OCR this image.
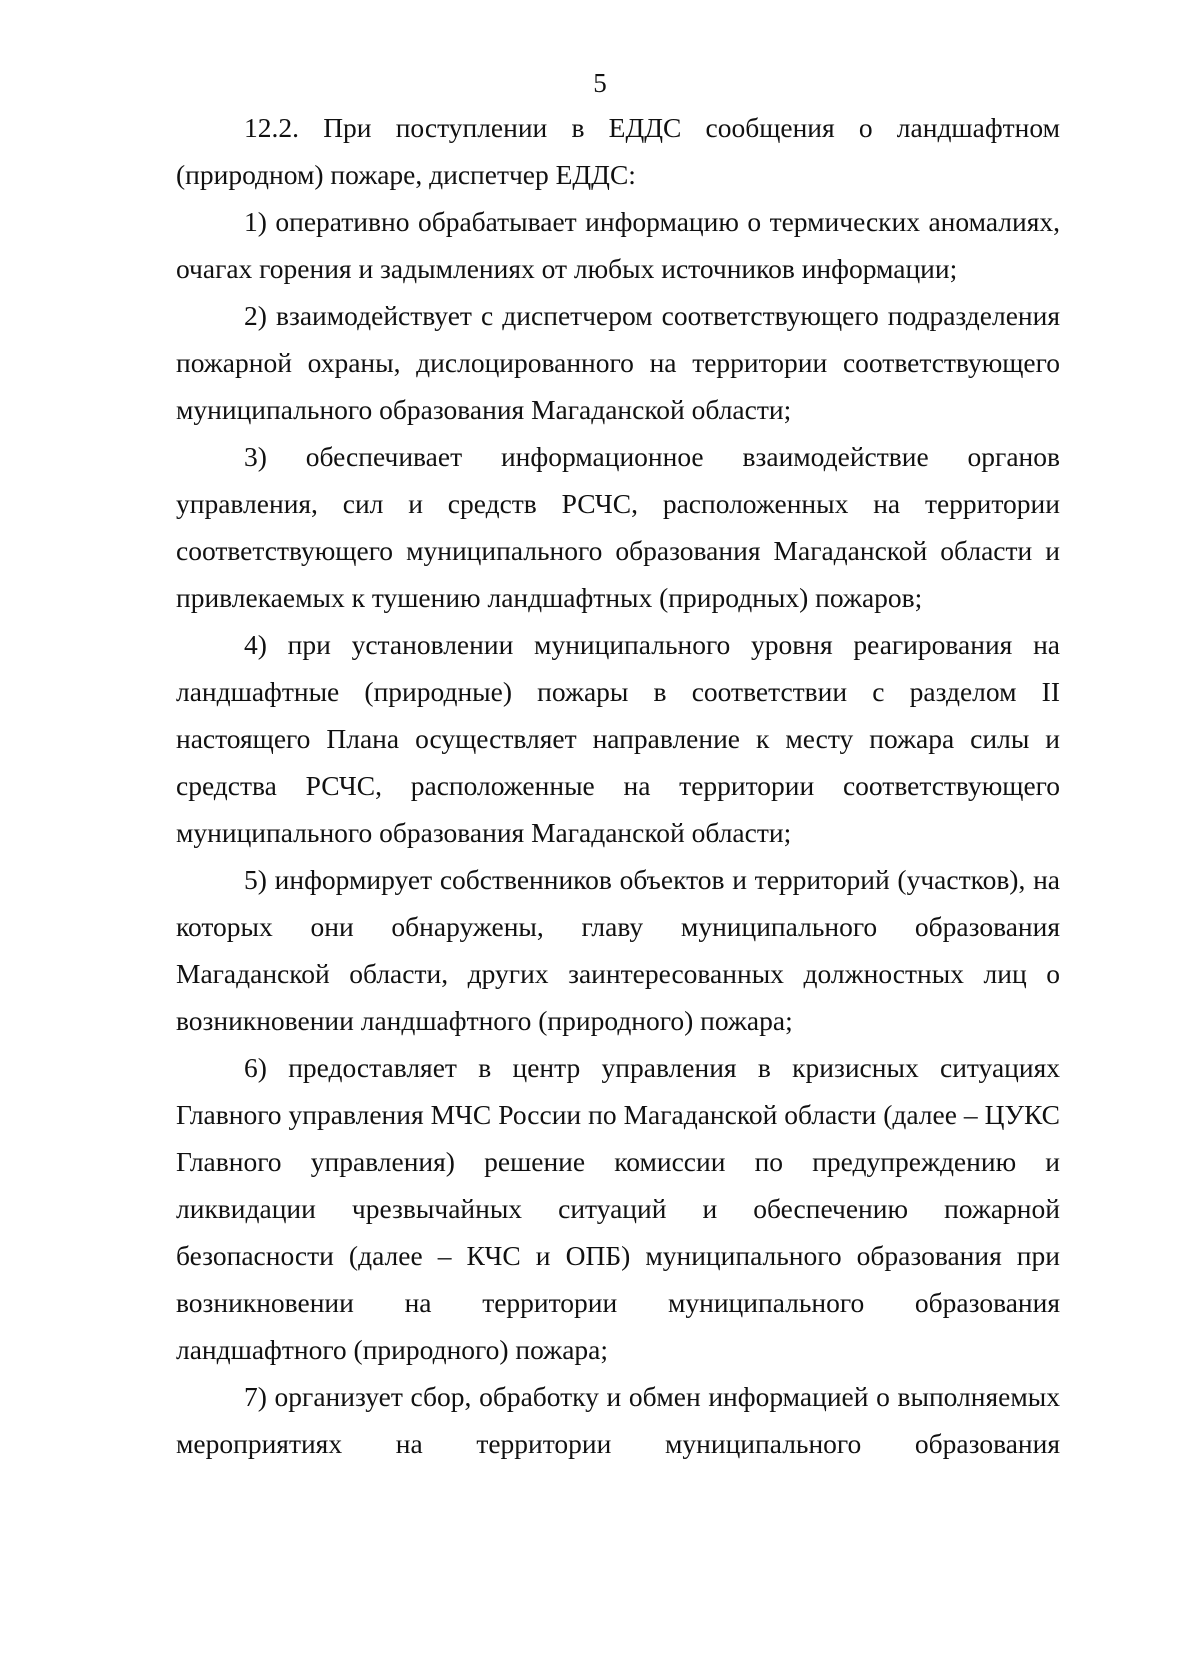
5

12.2. При поступлении в ЕДДС сообщения о ландшафтном (природном) пожаре, диспетчер ЕДДС:

1) оперативно обрабатывает информацию о термических аномалиях, очагах горения и задымлениях от любых источников информации;

2) взаимодействует с диспетчером соответствующего подразделения пожарной охраны, дислоцированного на территории соответствующего муниципального образования Магаданской области;

3) обеспечивает информационное взаимодействие органов управления, сил и средств РСЧС, расположенных на территории соответствующего муниципального образования Магаданской области и привлекаемых к тушению ландшафтных (природных) пожаров;

4) при установлении муниципального уровня реагирования на ландшафтные (природные) пожары в соответствии с разделом II настоящего Плана осуществляет направление к месту пожара силы и средства РСЧС, расположенные на территории соответствующего муниципального образования Магаданской области;

5) информирует собственников объектов и территорий (участков), на которых они обнаружены, главу муниципального образования Магаданской области, других заинтересованных должностных лиц о возникновении ландшафтного (природного) пожара;

6) предоставляет в центр управления в кризисных ситуациях Главного управления МЧС России по Магаданской области (далее – ЦУКС Главного управления) решение комиссии по предупреждению и ликвидации чрезвычайных ситуаций и обеспечению пожарной безопасности (далее – КЧС и ОПБ) муниципального образования при возникновении на территории муниципального образования ландшафтного (природного) пожара;

7) организует сбор, обработку и обмен информацией о выполняемых мероприятиях на территории муниципального образования
